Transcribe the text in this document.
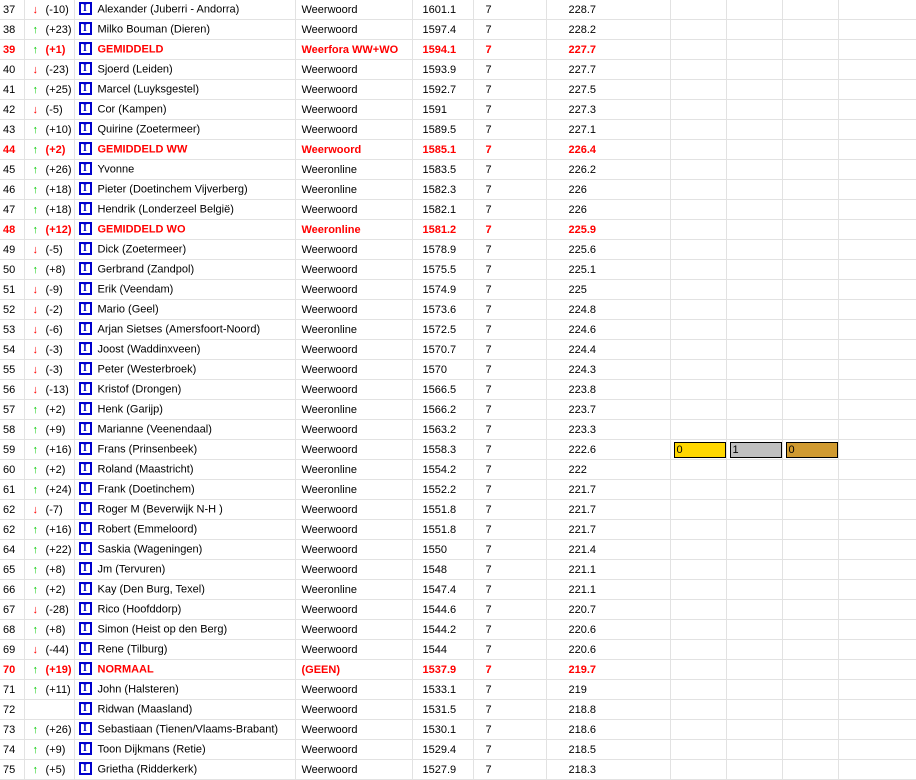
37	↓ (-10)	I Alexander (Juberri - Andorra)	Weerwoord	1601.1	7	228.7				
38	↑ (+23)	I Milko Bouman (Dieren)	Weerwoord	1597.4	7	228.2				
39	↑ (+1)	I GEMIDDELD	Weerfora WW+WO	1594.1	7	227.7				
40	↓ (-23)	I Sjoerd (Leiden)	Weerwoord	1593.9	7	227.7				
41	↑ (+25)	I Marcel (Luyksgestel)	Weerwoord	1592.7	7	227.5				
42	↓ (-5)	I Cor (Kampen)	Weerwoord	1591	7	227.3				
43	↑ (+10)	I Quirine (Zoetermeer)	Weerwoord	1589.5	7	227.1				
44	↑ (+2)	I GEMIDDELD WW	Weerwoord	1585.1	7	226.4				
45	↑ (+26)	I Yvonne	Weeronline	1583.5	7	226.2				
46	↑ (+18)	I Pieter (Doetinchem Vijverberg)	Weeronline	1582.3	7	226				
47	↑ (+18)	I Hendrik (Londerzeel België)	Weerwoord	1582.1	7	226				
48	↑ (+12)	I GEMIDDELD WO	Weeronline	1581.2	7	225.9				
49	↓ (-5)	I Dick (Zoetermeer)	Weerwoord	1578.9	7	225.6				
50	↑ (+8)	I Gerbrand (Zandpol)	Weerwoord	1575.5	7	225.1				
51	↓ (-9)	I Erik (Veendam)	Weerwoord	1574.9	7	225				
52	↓ (-2)	I Mario (Geel)	Weerwoord	1573.6	7	224.8				
53	↓ (-6)	I Arjan Sietses (Amersfoort-Noord)	Weeronline	1572.5	7	224.6				
54	↓ (-3)	I Joost (Waddinxveen)	Weerwoord	1570.7	7	224.4				
55	↓ (-3)	I Peter (Westerbroek)	Weerwoord	1570	7	224.3				
56	↓ (-13)	I Kristof (Drongen)	Weerwoord	1566.5	7	223.8				
57	↑ (+2)	I Henk (Garijp)	Weeronline	1566.2	7	223.7				
58	↑ (+9)	I Marianne (Veenendaal)	Weerwoord	1563.2	7	223.3				
59	↑ (+16)	I Frans (Prinsenbeek)	Weerwoord	1558.3	7	222.6	0	1	0	

60	↑ (+2)	I Roland (Maastricht)	Weeronline	1554.2	7	222				
61	↑ (+24)	I Frank (Doetinchem)	Weeronline	1552.2	7	221.7				
62	↓ (-7)	I Roger M (Beverwijk N-H )	Weerwoord	1551.8	7	221.7				
62	↑ (+16)	I Robert (Emmeloord)	Weerwoord	1551.8	7	221.7				
64	↑ (+22)	I Saskia (Wageningen)	Weerwoord	1550	7	221.4				
65	↑ (+8)	I Jm (Tervuren)	Weerwoord	1548	7	221.1				
66	↑ (+2)	I Kay (Den Burg, Texel)	Weeronline	1547.4	7	221.1				
67	↓ (-28)	I Rico (Hoofddorp)	Weerwoord	1544.6	7	220.7				
68	↑ (+8)	I Simon (Heist op den Berg)	Weerwoord	1544.2	7	220.6				
69	↓ (-44)	I Rene (Tilburg)	Weerwoord	1544	7	220.6				
70	↑ (+19)	I NORMAAL	(GEEN)	1537.9	7	219.7				
71	↑ (+11)	I John (Halsteren)	Weerwoord	1533.1	7	219				
72		I Ridwan (Maasland)	Weerwoord	1531.5	7	218.8				
73	↑ (+26)	I Sebastiaan (Tienen/Vlaams-Brabant)	Weerwoord	1530.1	7	218.6				
74	↑ (+9)	I Toon Dijkmans (Retie)	Weerwoord	1529.4	7	218.5				
75	↑ (+5)	I Grietha (Ridderkerk)	Weerwoord	1527.9	7	218.3				
